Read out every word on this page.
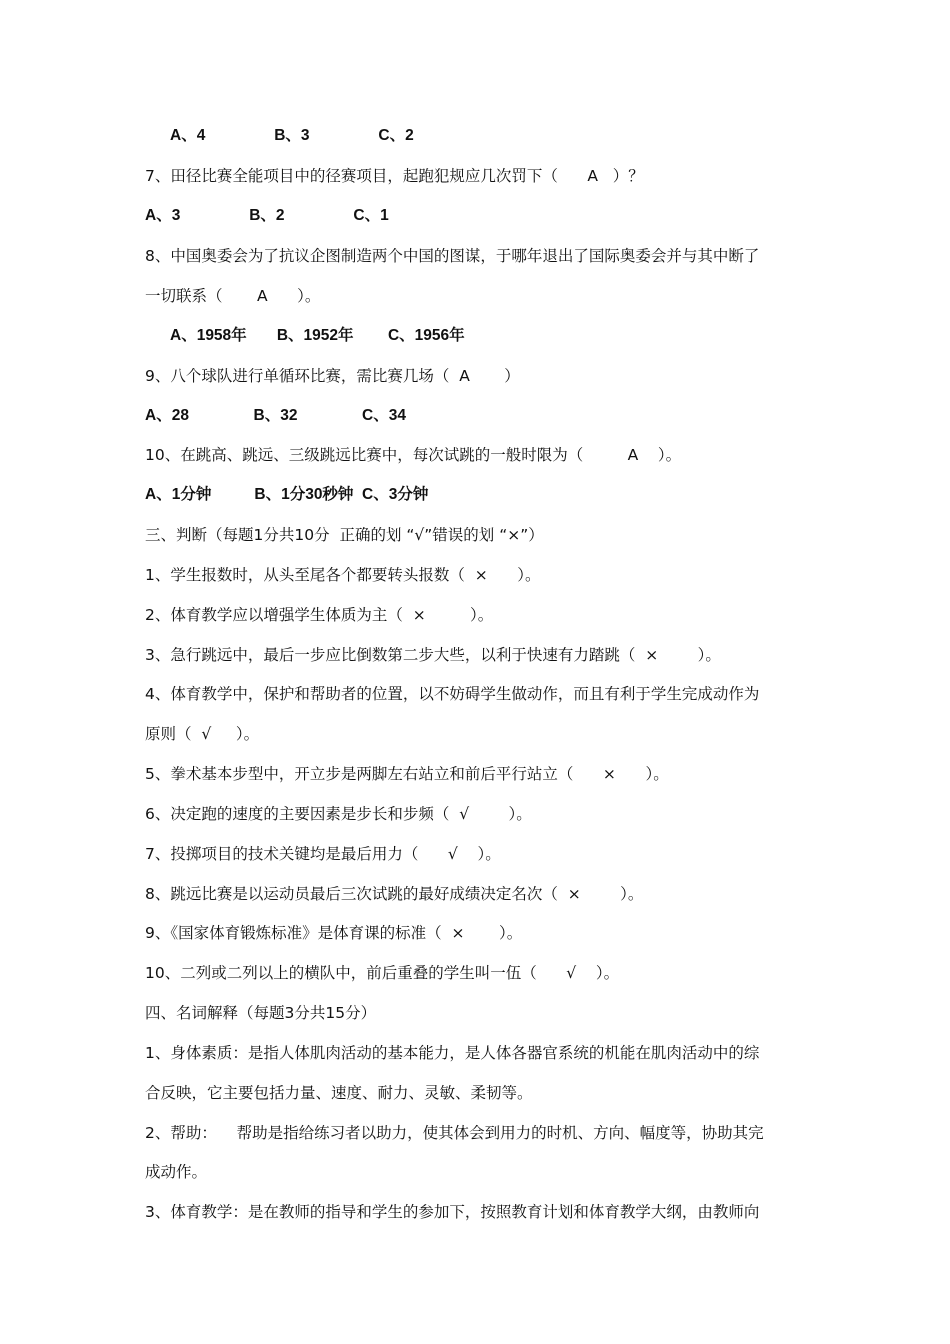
A、4                B、3                C、2
7、田径比赛全能项目中的径赛项目，起跑犯规应几次罚下（      A   ）？
A、3                B、2                C、1
8、中国奥委会为了抗议企图制造两个中国的图谋，于哪年退出了国际奥委会并与其中断了
一切联系（       A      ）。
A、1958年       B、1952年        C、1956年
9、八个球队进行单循环比赛，需比赛几场（  A       ）
A、28               B、32               C、34
10、在跳高、跳远、三级跳远比赛中，每次试跳的一般时限为（         A    ）。
A、1分钟          B、1分30秒钟  C、3分钟
三、判断（每题1分共10分  正确的划 “√”错误的划 “×”）
1、学生报数时，从头至尾各个都要转头报数（  ×      ）。
2、体育教学应以增强学生体质为主（  ×         ）。
3、急行跳远中，最后一步应比倒数第二步大些，以利于快速有力踏跳（  ×        ）。
4、体育教学中，保护和帮助者的位置，以不妨碍学生做动作，而且有利于学生完成动作为
原则（  √     ）。
5、拳术基本步型中，开立步是两脚左右站立和前后平行站立（      ×      ）。
6、决定跑的速度的主要因素是步长和步频（  √        ）。
7、投掷项目的技术关键均是最后用力（      √    ）。
8、跳远比赛是以运动员最后三次试跳的最好成绩决定名次（  ×        ）。
9、《国家体育锻炼标准》是体育课的标准（  ×       ）。
10、二列或二列以上的横队中，前后重叠的学生叫一伍（      √    ）。
四、名词解释（每题3分共15分）
1、身体素质：是指人体肌肉活动的基本能力，是人体各器官系统的机能在肌肉活动中的综
合反映，它主要包括力量、速度、耐力、灵敏、柔韧等。
2、帮助：    帮助是指给练习者以助力，使其体会到用力的时机、方向、幅度等，协助其完
成动作。
3、体育教学：是在教师的指导和学生的参加下，按照教育计划和体育教学大纲，由教师向
